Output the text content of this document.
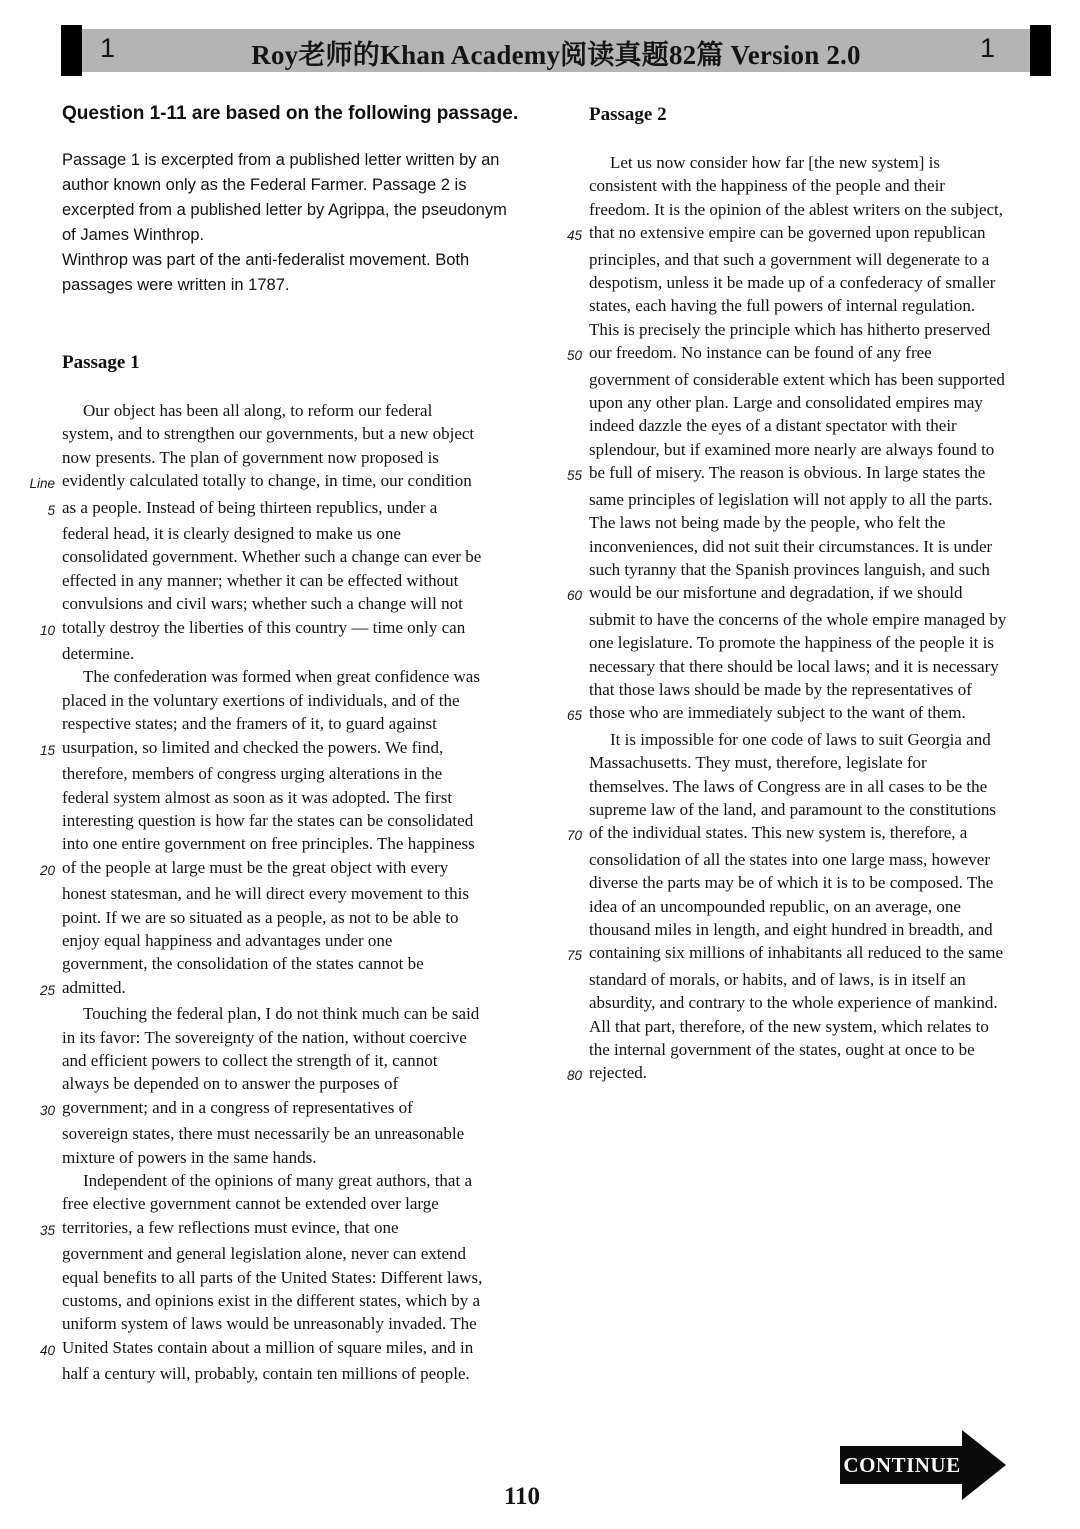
1	Roy老师的Khan Academy阅读真题82篇 Version 2.0	1
Question 1-11 are based on the following passage.
Passage 1 is excerpted from a published letter written by an
author known only as the Federal Farmer. Passage 2 is
excerpted from a published letter by Agrippa, the pseudonym
of James Winthrop.
Winthrop was part of the anti-federalist movement. Both
passages were written in 1787.
Passage 1
Our object has been all along, to reform our federal
system, and to strengthen our governments, but a new object
now presents. The plan of government now proposed is
Line evidently calculated totally to change, in time, our condition
5 as a people. Instead of being thirteen republics, under a
federal head, it is clearly designed to make us one
consolidated government. Whether such a change can ever be
effected in any manner; whether it can be effected without
convulsions and civil wars; whether such a change will not
10 totally destroy the liberties of this country — time only can
determine.
The confederation was formed when great confidence was
placed in the voluntary exertions of individuals, and of the
respective states; and the framers of it, to guard against
15 usurpation, so limited and checked the powers. We find,
therefore, members of congress urging alterations in the
federal system almost as soon as it was adopted. The first
interesting question is how far the states can be consolidated
into one entire government on free principles. The happiness
20 of the people at large must be the great object with every
honest statesman, and he will direct every movement to this
point. If we are so situated as a people, as not to be able to
enjoy equal happiness and advantages under one
government, the consolidation of the states cannot be
25 admitted.
Touching the federal plan, I do not think much can be said
in its favor: The sovereignty of the nation, without coercive
and efficient powers to collect the strength of it, cannot
always be depended on to answer the purposes of
30 government; and in a congress of representatives of
sovereign states, there must necessarily be an unreasonable
mixture of powers in the same hands.
Independent of the opinions of many great authors, that a
free elective government cannot be extended over large
35 territories, a few reflections must evince, that one
government and general legislation alone, never can extend
equal benefits to all parts of the United States: Different laws,
customs, and opinions exist in the different states, which by a
uniform system of laws would be unreasonably invaded. The
40 United States contain about a million of square miles, and in
half a century will, probably, contain ten millions of people.
Passage 2
Let us now consider how far [the new system] is
consistent with the happiness of the people and their
freedom. It is the opinion of the ablest writers on the subject,
45 that no extensive empire can be governed upon republican
principles, and that such a government will degenerate to a
despotism, unless it be made up of a confederacy of smaller
states, each having the full powers of internal regulation.
This is precisely the principle which has hitherto preserved
50 our freedom. No instance can be found of any free
government of considerable extent which has been supported
upon any other plan. Large and consolidated empires may
indeed dazzle the eyes of a distant spectator with their
splendour, but if examined more nearly are always found to
55 be full of misery. The reason is obvious. In large states the
same principles of legislation will not apply to all the parts.
The laws not being made by the people, who felt the
inconveniences, did not suit their circumstances. It is under
such tyranny that the Spanish provinces languish, and such
60 would be our misfortune and degradation, if we should
submit to have the concerns of the whole empire managed by
one legislature. To promote the happiness of the people it is
necessary that there should be local laws; and it is necessary
that those laws should be made by the representatives of
65 those who are immediately subject to the want of them.
It is impossible for one code of laws to suit Georgia and
Massachusetts. They must, therefore, legislate for
themselves. The laws of Congress are in all cases to be the
supreme law of the land, and paramount to the constitutions
70 of the individual states. This new system is, therefore, a
consolidation of all the states into one large mass, however
diverse the parts may be of which it is to be composed. The
idea of an uncompounded republic, on an average, one
thousand miles in length, and eight hundred in breadth, and
75 containing six millions of inhabitants all reduced to the same
standard of morals, or habits, and of laws, is in itself an
absurdity, and contrary to the whole experience of mankind.
All that part, therefore, of the new system, which relates to
the internal government of the states, ought at once to be
80 rejected.
110
CONTINUE
